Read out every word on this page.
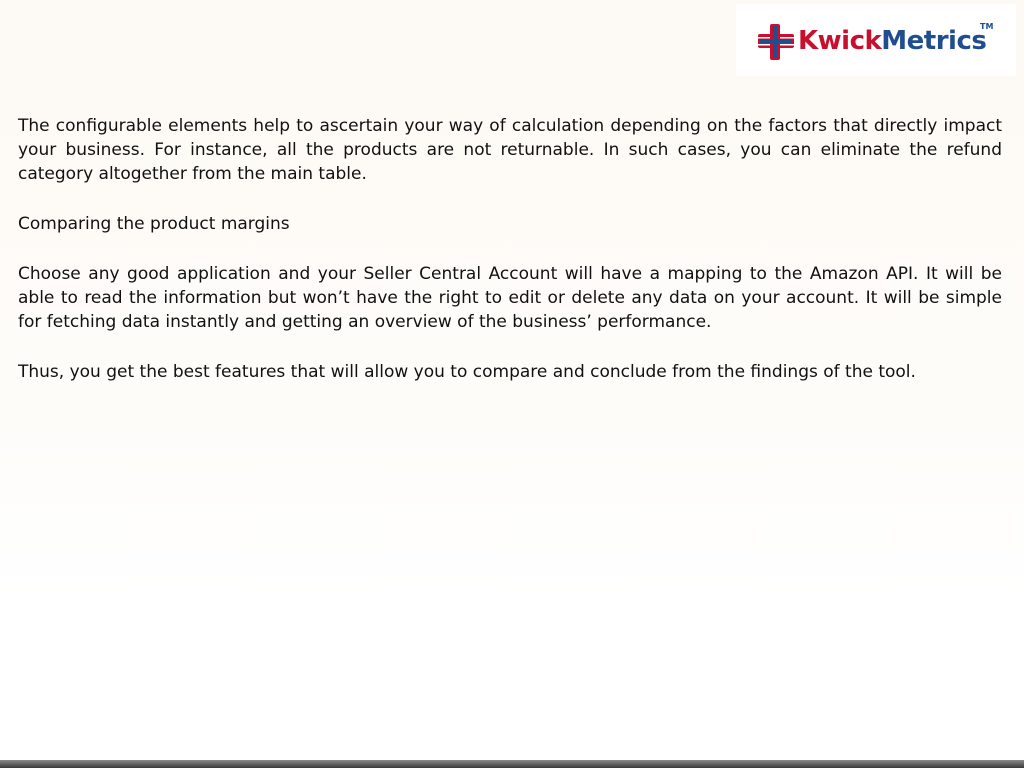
KwickMetrics
TM

The configurable elements help to ascertain your way of calculation depending on the factors that directly impact your business. For instance, all the products are not returnable. In such cases, you can eliminate the refund category altogether from the main table.

Comparing the product margins

Choose any good application and your Seller Central Account will have a mapping to the Amazon API. It will be able to read the information but won’t have the right to edit or delete any data on your account. It will be simple for fetching data instantly and getting an overview of the business’ performance.

Thus, you get the best features that will allow you to compare and conclude from the findings of the tool.
